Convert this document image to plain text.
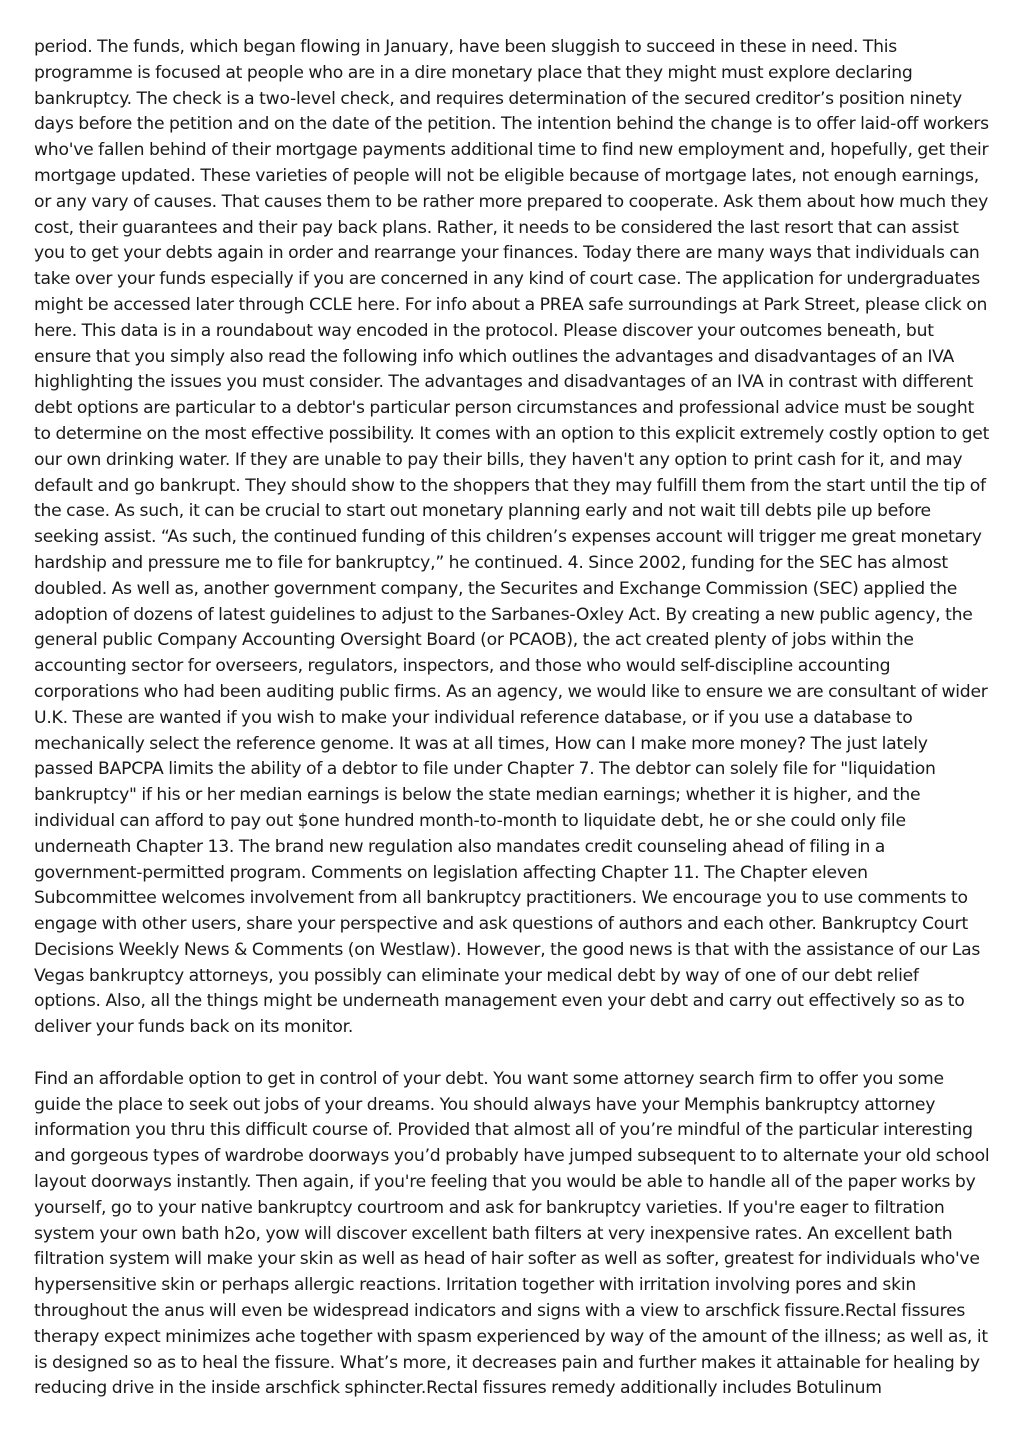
period. The funds, which began flowing in January, have been sluggish to succeed in these in need. This programme is focused at people who are in a dire monetary place that they might must explore declaring bankruptcy. The check is a two-level check, and requires determination of the secured creditor’s position ninety days before the petition and on the date of the petition. The intention behind the change is to offer laid-off workers who've fallen behind of their mortgage payments additional time to find new employment and, hopefully, get their mortgage updated. These varieties of people will not be eligible because of mortgage lates, not enough earnings, or any vary of causes. That causes them to be rather more prepared to cooperate. Ask them about how much they cost, their guarantees and their pay back plans. Rather, it needs to be considered the last resort that can assist you to get your debts again in order and rearrange your finances. Today there are many ways that individuals can take over your funds especially if you are concerned in any kind of court case. The application for undergraduates might be accessed later through CCLE here. For info about a PREA safe surroundings at Park Street, please click on here. This data is in a roundabout way encoded in the protocol. Please discover your outcomes beneath, but ensure that you simply also read the following info which outlines the advantages and disadvantages of an IVA highlighting the issues you must consider. The advantages and disadvantages of an IVA in contrast with different debt options are particular to a debtor's particular person circumstances and professional advice must be sought to determine on the most effective possibility. It comes with an option to this explicit extremely costly option to get our own drinking water. If they are unable to pay their bills, they haven't any option to print cash for it, and may default and go bankrupt. They should show to the shoppers that they may fulfill them from the start until the tip of the case. As such, it can be crucial to start out monetary planning early and not wait till debts pile up before seeking assist. “As such, the continued funding of this children’s expenses account will trigger me great monetary hardship and pressure me to file for bankruptcy,” he continued. 4. Since 2002, funding for the SEC has almost doubled. As well as, another government company, the Securites and Exchange Commission (SEC) applied the adoption of dozens of latest guidelines to adjust to the Sarbanes-Oxley Act. By creating a new public agency, the general public Company Accounting Oversight Board (or PCAOB), the act created plenty of jobs within the accounting sector for overseers, regulators, inspectors, and those who would self-discipline accounting corporations who had been auditing public firms. As an agency, we would like to ensure we are consultant of wider U.K. These are wanted if you wish to make your individual reference database, or if you use a database to mechanically select the reference genome. It was at all times, How can I make more money? The just lately passed BAPCPA limits the ability of a debtor to file under Chapter 7. The debtor can solely file for "liquidation bankruptcy" if his or her median earnings is below the state median earnings; whether it is higher, and the individual can afford to pay out $one hundred month-to-month to liquidate debt, he or she could only file underneath Chapter 13. The brand new regulation also mandates credit counseling ahead of filing in a government-permitted program. Comments on legislation affecting Chapter 11. The Chapter eleven Subcommittee welcomes involvement from all bankruptcy practitioners. We encourage you to use comments to engage with other users, share your perspective and ask questions of authors and each other. Bankruptcy Court Decisions Weekly News & Comments (on Westlaw). However, the good news is that with the assistance of our Las Vegas bankruptcy attorneys, you possibly can eliminate your medical debt by way of one of our debt relief options. Also, all the things might be underneath management even your debt and carry out effectively so as to deliver your funds back on its monitor.

Find an affordable option to get in control of your debt. You want some attorney search firm to offer you some guide the place to seek out jobs of your dreams. You should always have your Memphis bankruptcy attorney information you thru this difficult course of. Provided that almost all of you’re mindful of the particular interesting and gorgeous types of wardrobe doorways you’d probably have jumped subsequent to to alternate your old school layout doorways instantly. Then again, if you're feeling that you would be able to handle all of the paper works by yourself, go to your native bankruptcy courtroom and ask for bankruptcy varieties. If you're eager to filtration system your own bath h2o, yow will discover excellent bath filters at very inexpensive rates. An excellent bath filtration system will make your skin as well as head of hair softer as well as softer, greatest for individuals who've hypersensitive skin or perhaps allergic reactions. Irritation together with irritation involving pores and skin throughout the anus will even be widespread indicators and signs with a view to arschfick fissure.Rectal fissures therapy expect minimizes ache together with spasm experienced by way of the amount of the illness; as well as, it is designed so as to heal the fissure. What’s more, it decreases pain and further makes it attainable for healing by reducing drive in the inside arschfick sphincter.Rectal fissures remedy additionally includes Botulinum
